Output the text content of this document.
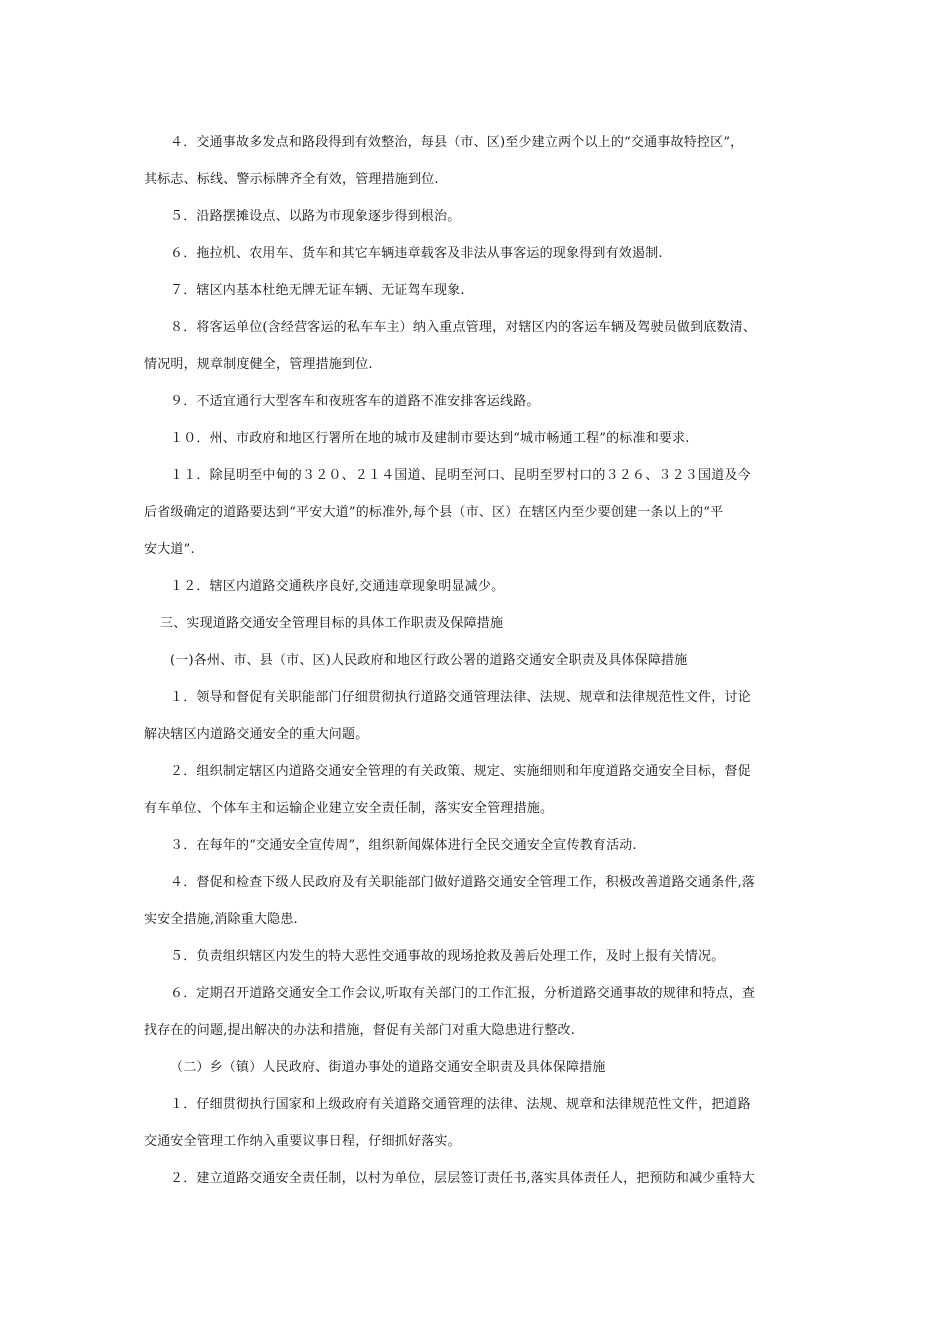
４．交通事故多发点和路段得到有效整治，每县（市、区)至少建立两个以上的“交通事故特控区”，
其标志、标线、警示标牌齐全有效，管理措施到位.
５．沿路摆摊设点、以路为市现象逐步得到根治。
６．拖拉机、农用车、货车和其它车辆违章载客及非法从事客运的现象得到有效遏制.
７．辖区内基本杜绝无牌无证车辆、无证驾车现象.
８．将客运单位(含经营客运的私车车主）纳入重点管理，对辖区内的客运车辆及驾驶员做到底数清、
情况明，规章制度健全，管理措施到位.
９．不适宜通行大型客车和夜班客车的道路不准安排客运线路。
１０．州、市政府和地区行署所在地的城市及建制市要达到“城市畅通工程”的标准和要求.
１１．除昆明至中甸的３２０、２１４国道、昆明至河口、昆明至罗村口的３２６、３２３国道及今
后省级确定的道路要达到“平安大道”的标准外,每个县（市、区）在辖区内至少要创建一条以上的“平
安大道”.
１２．辖区内道路交通秩序良好,交通违章现象明显减少。
三、实现道路交通安全管理目标的具体工作职责及保障措施
(一)各州、市、县（市、区)人民政府和地区行政公署的道路交通安全职责及具体保障措施
１．领导和督促有关职能部门仔细贯彻执行道路交通管理法律、法规、规章和法律规范性文件，讨论
解决辖区内道路交通安全的重大问题。
２．组织制定辖区内道路交通安全管理的有关政策、规定、实施细则和年度道路交通安全目标，督促
有车单位、个体车主和运输企业建立安全责任制，落实安全管理措施。
３．在每年的“交通安全宣传周”，组织新闻媒体进行全民交通安全宣传教育活动.
４．督促和检查下级人民政府及有关职能部门做好道路交通安全管理工作，积极改善道路交通条件,落
实安全措施,消除重大隐患.
５．负责组织辖区内发生的特大恶性交通事故的现场抢救及善后处理工作，及时上报有关情况。
６．定期召开道路交通安全工作会议,听取有关部门的工作汇报，分析道路交通事故的规律和特点，查
找存在的问题,提出解决的办法和措施，督促有关部门对重大隐患进行整改.
（二）乡（镇）人民政府、街道办事处的道路交通安全职责及具体保障措施
１．仔细贯彻执行国家和上级政府有关道路交通管理的法律、法规、规章和法律规范性文件，把道路
交通安全管理工作纳入重要议事日程，仔细抓好落实。
２．建立道路交通安全责任制，以村为单位，层层签订责任书,落实具体责任人，把预防和减少重特大
